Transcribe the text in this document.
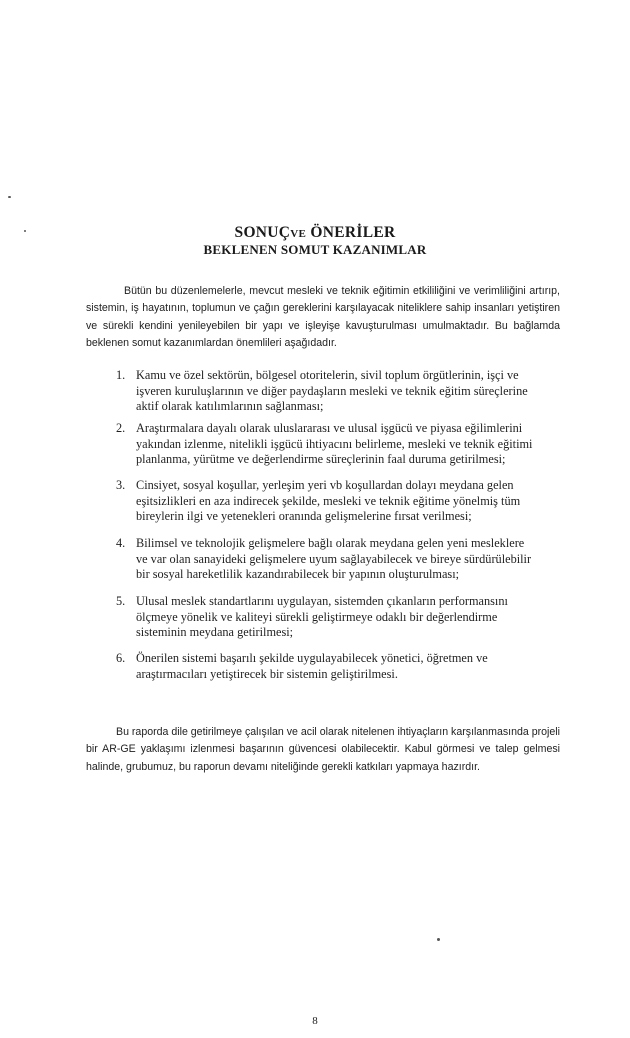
SONUÇVE ÖNERİLER
BEKLENEN SOMUT KAZANIMLAR

Bütün bu düzenlemelerle, mevcut mesleki ve teknik eğitimin etkililiğini ve verimliliğini artırıp, sistemin, iş hayatının, toplumun ve çağın gereklerini karşılayacak niteliklere sahip insanları yetiştiren ve sürekli kendini yenileyebilen bir yapı ve işleyişe kavuşturulması umulmaktadır. Bu bağlamda beklenen somut kazanımlardan önemlileri aşağıdadır.

1. Kamu ve özel sektörün, bölgesel otoritelerin, sivil toplum örgütlerinin, işçi ve işveren kuruluşlarının ve diğer paydaşların mesleki ve teknik eğitim süreçlerine aktif olarak katılımlarının sağlanması;
2. Araştırmalara dayalı olarak uluslararası ve ulusal işgücü ve piyasa eğilimlerini yakından izlenme, nitelikli işgücü ihtiyacını belirleme, mesleki ve teknik eğitimi planlanma, yürütme ve değerlendirme süreçlerinin faal duruma getirilmesi;
3. Cinsiyet, sosyal koşullar, yerleşim yeri vb koşullardan dolayı meydana gelen eşitsizlikleri en aza indirecek şekilde, mesleki ve teknik eğitime yönelmiş tüm bireylerin ilgi ve yetenekleri oranında gelişmelerine fırsat verilmesi;
4. Bilimsel ve teknolojik gelişmelere bağlı olarak meydana gelen yeni mesleklere ve var olan sanayideki gelişmelere uyum sağlayabilecek ve bireye sürdürülebilir bir sosyal hareketlilik kazandırabilecek bir yapının oluşturulması;
5. Ulusal meslek standartlarını uygulayan, sistemden çıkanların performansını ölçmeye yönelik ve kaliteyi sürekli geliştirmeye odaklı bir değerlendirme sisteminin meydana getirilmesi;
6. Önerilen sistemi başarılı şekilde uygulayabilecek yönetici, öğretmen ve araştırmacıları yetiştirecek bir sistemin geliştirilmesi.

Bu raporda dile getirilmeye çalışılan ve acil olarak nitelenen ihtiyaçların karşılanmasında projeli bir AR-GE yaklaşımı izlenmesi başarının güvencesi olabilecektir. Kabul görmesi ve talep gelmesi halinde, grubumuz, bu raporun devamı niteliğinde gerekli katkıları yapmaya hazırdır.

8
